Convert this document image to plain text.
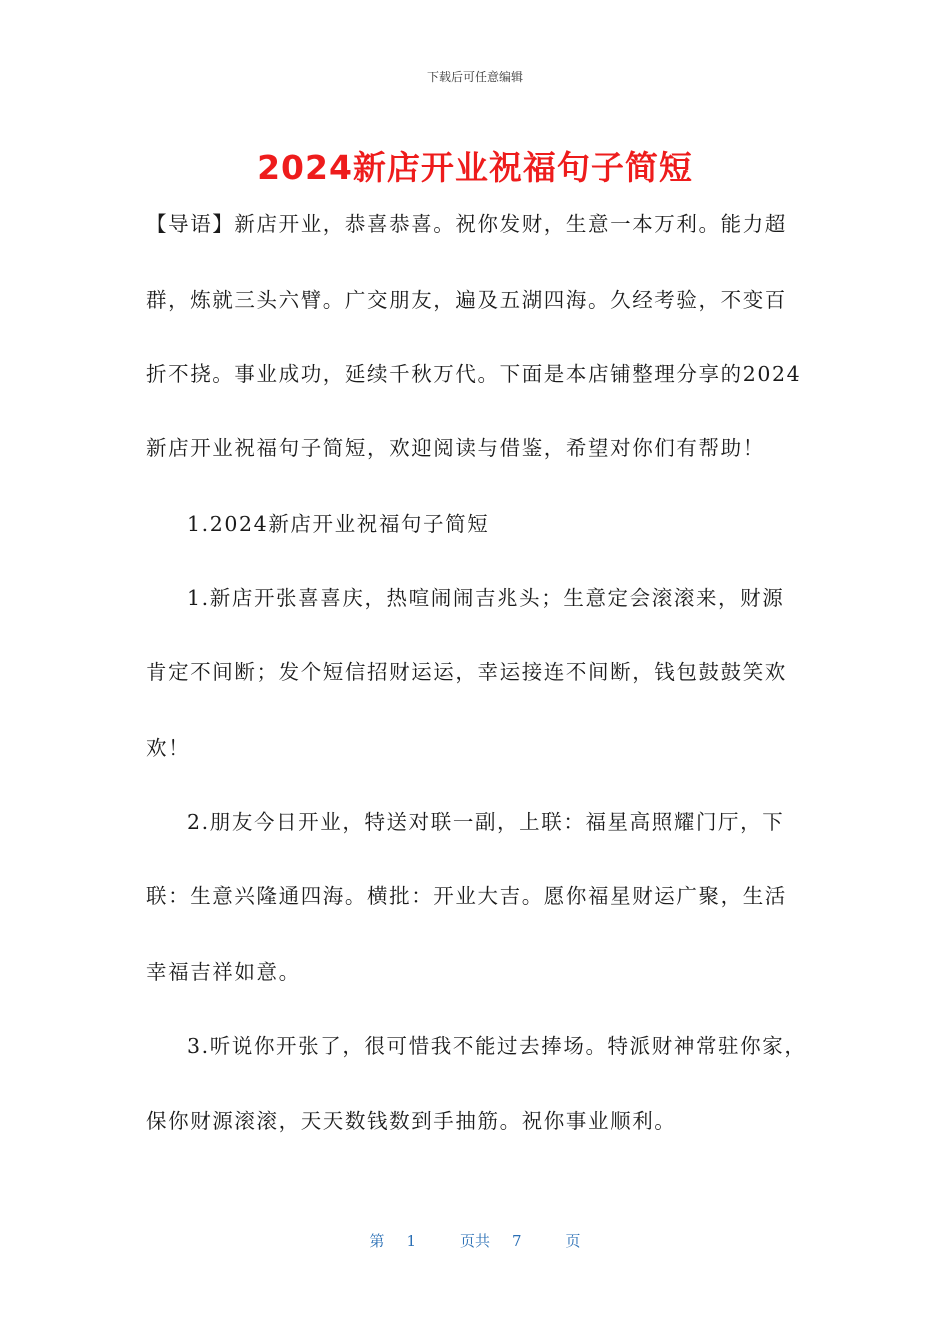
下载后可任意编辑
2024新店开业祝福句子简短
【导语】新店开业，恭喜恭喜。祝你发财，生意一本万利。能力超
群，炼就三头六臂。广交朋友，遍及五湖四海。久经考验，不变百
折不挠。事业成功，延续千秋万代。下面是本店铺整理分享的2024
新店开业祝福句子简短，欢迎阅读与借鉴，希望对你们有帮助！
1.2024新店开业祝福句子简短
1.新店开张喜喜庆，热喧闹闹吉兆头；生意定会滚滚来，财源
肯定不间断；发个短信招财运运，幸运接连不间断，钱包鼓鼓笑欢
欢！
2.朋友今日开业，特送对联一副，上联：福星高照耀门厅，下
联：生意兴隆通四海。横批：开业大吉。愿你福星财运广聚，生活
幸福吉祥如意。
3.听说你开张了，很可惜我不能过去捧场。特派财神常驻你家，
保你财源滚滚，天天数钱数到手抽筋。祝你事业顺利。
第 1	页共 7	页
